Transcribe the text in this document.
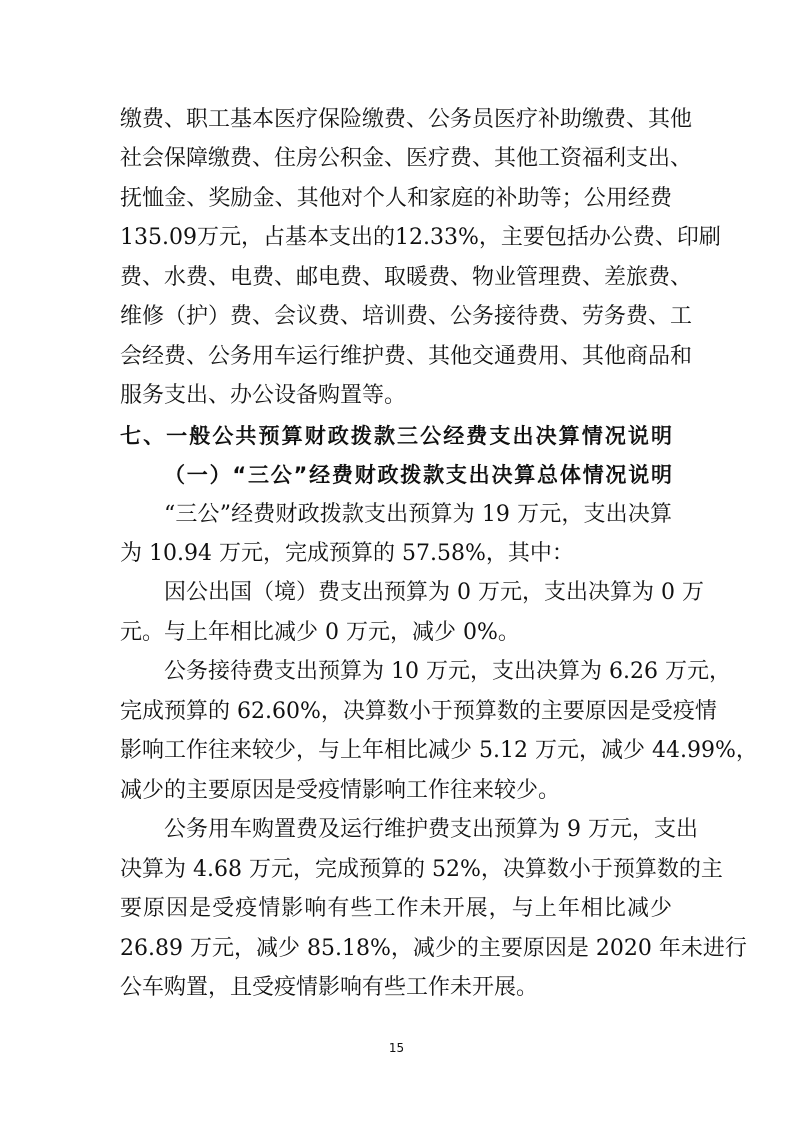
缴费、职工基本医疗保险缴费、公务员医疗补助缴费、其他
社会保障缴费、住房公积金、医疗费、其他工资福利支出、
抚恤金、奖励金、其他对个人和家庭的补助等；公用经费
135.09万元，占基本支出的12.33%，主要包括办公费、印刷
费、水费、电费、邮电费、取暖费、物业管理费、差旅费、
维修（护）费、会议费、培训费、公务接待费、劳务费、工
会经费、公务用车运行维护费、其他交通费用、其他商品和
服务支出、办公设备购置等。
七、一般公共预算财政拨款三公经费支出决算情况说明
（一）“三公”经费财政拨款支出决算总体情况说明
“三公”经费财政拨款支出预算为 19 万元，支出决算
为 10.94 万元，完成预算的 57.58%，其中：
因公出国（境）费支出预算为 0 万元，支出决算为 0 万
元。与上年相比减少 0 万元，减少 0%。
公务接待费支出预算为 10 万元，支出决算为 6.26 万元，
完成预算的 62.60%，决算数小于预算数的主要原因是受疫情
影响工作往来较少，与上年相比减少 5.12 万元，减少 44.99%，
减少的主要原因是受疫情影响工作往来较少。
公务用车购置费及运行维护费支出预算为 9 万元，支出
决算为 4.68 万元，完成预算的 52%，决算数小于预算数的主
要原因是受疫情影响有些工作未开展，与上年相比减少
26.89 万元，减少 85.18%，减少的主要原因是 2020 年未进行
公车购置，且受疫情影响有些工作未开展。
15
